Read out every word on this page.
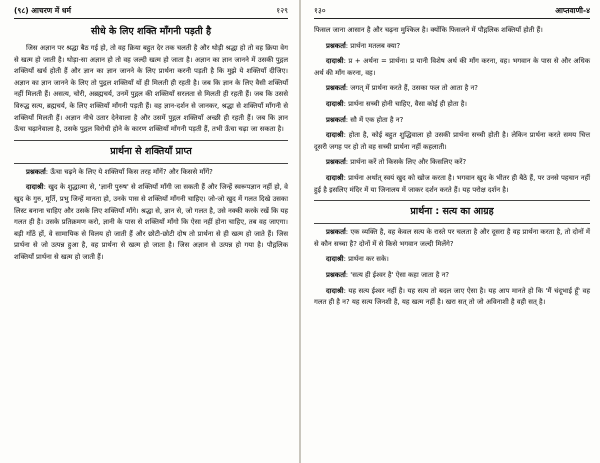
(९८) आचरण में धर्म	१२९
सीधे के लिए शक्ति माँगनी पड़ती है

जिस अज्ञान पर श्रद्धा बैठ गई हो, तो वह क्रिया बहुत देर तक चलती है और थोड़ी श्रद्धा हो तो वह क्रिया वेग से खत्म हो जाती है। थोड़ा-सा अज्ञान हो तो वह जल्दी खत्म हो जाता है। अज्ञान का ज्ञान जानने में उसकी पुद्गल शक्तियाँ खर्च होती हैं और ज्ञान का ज्ञान जानने के लिए प्रार्थना करनी पड़ती है कि मुझे ये शक्तियाँ दीजिए। अज्ञान का ज्ञान जानने के लिए तो पुद्गल शक्तियाँ यों ही मिलती ही रहती है। जब कि ज्ञान के लिए वैसी शक्तियाँ नहीं मिलती हैं। असत्य, चोरी, अब्रह्मचर्य, उनमें पुद्गल की शक्तियाँ सरलता से मिलती ही रहती हैं। जब कि उससे विरुद्ध सत्य, ब्रह्मचर्य, के लिए शक्तियाँ माँगनी पड़ती हैं। वह ज्ञान-दर्शन से जानकर, श्रद्धा से शक्तियाँ माँगनी से शक्तियाँ मिलती हैं। अज्ञान नीचे उतार देनेवाला है और उसमें पुद्गल शक्तियाँ अच्छी ही रहती हैं। जब कि ज्ञान ऊँचा चढ़ानेवाला है, उसके पुद्गल विरोधी होने के कारण शक्तियाँ माँगनी पड़ती हैं, तभी ऊँचा चढ़ा जा सकता है।

प्रार्थना से शक्तियाँ प्राप्त

प्रश्नकर्ता: ऊँचा चढ़ने के लिए ये शक्तियाँ किस तरह माँगें? और किससे माँगें?

दादाश्री: खुद के शुद्धात्मा से, 'ज्ञानी पुरुष' से शक्तियाँ माँगी जा सकती हैं और जिन्हें स्वरूपज्ञान नहीं हो, वे खुद के गुरु, मूर्ति, प्रभु जिन्हें मानता हो, उनके पास से शक्तियाँ माँगनी चाहिए। जो-जो खुद में गलत दिखे उसका लिस्ट बनाना चाहिए और उसके लिए शक्तियाँ माँगे। श्रद्धा से, ज्ञान से, जो गलत है, उसे नक्की करके रखें कि यह गलत ही है। उसके प्रतिक्रमण करो, ज्ञानी के पास से शक्तियाँ माँगो कि ऐसा नहीं होना चाहिए, तब वह जाएगा। बड़ी गाँठें हों, वे सामायिक से विलय हो जाती हैं और छोटी-छोटी दोष तो प्रार्थना से ही खत्म हो जाते हैं। जिस प्रार्थना से जो उत्पन्न हुआ है, वह प्रार्थना से खत्म हो जाता है। जिस अज्ञान से उत्पन्न हो गया है। पौद्गलिक शक्तियाँ प्रार्थना से खत्म हो जाती हैं।

१३०	आप्तवाणी-४

फिसल जाना आसान है और चढ़ना मुश्किल है। क्योंकि फिसलने में पौद्गलिक शक्तियाँ होती हैं।

प्रश्नकर्ता: प्रार्थना मतलब क्या?

दादाश्री: प्र + अर्थना = प्रार्थना। प्र यानी विशेष अर्थ की माँग करना, वह। भगवान के पास से और अधिक अर्थ की माँग करना, वह।

प्रश्नकर्ता: जगत् में प्रार्थना करते हैं, उसका फल तो आता है न?

दादाश्री: प्रार्थना सच्ची होनी चाहिए, वैसा कोई ही होता है।

प्रश्नकर्ता: सौ में एक होता है न?

दादाश्री: होता है, कोई बहुत शुद्धिवाला हो उसकी प्रार्थना सच्ची होती है। लेकिन प्रार्थना करते समय चित्त दूसरी जगह पर हो तो वह सच्ची प्रार्थना नहीं कहलाती।

प्रश्नकर्ता: प्रार्थना करें तो किसके लिए और किसलिए करें?

दादाश्री: प्रार्थना अर्थात् स्वयं खुद को खोज करता है। भगवान खुद के भीतर ही बैठे हैं, पर उनसे पहचान नहीं हुई है इसलिए मंदिर में या जिनालय में जाकर दर्शन करते हैं। यह परोक्ष दर्शन है।

प्रार्थना : सत्य का आग्रह

प्रश्नकर्ता: एक व्यक्ति है, वह केवल सत्य के रास्ते पर चलता है और दूसरा है वह प्रार्थना करता है, तो दोनों में से कौन सच्चा है? दोनों में से किसे भगवान जल्दी मिलेंगे?

दादाश्री: प्रार्थना कर सके।

प्रश्नकर्ता: 'सत्य ही ईश्वर है' ऐसा कहा जाता है न?

दादाश्री: यह सत्य ईश्वर नहीं है। यह सत्य तो बदल जाए ऐसा है। यह आप मानते हो कि 'मैं चंदूभाई हूँ' वह गलत ही है न? यह सत्य जिनशी है, यह खत्म नहीं है। खरा सत् तो जो अविनाशी है वही सत् है।
